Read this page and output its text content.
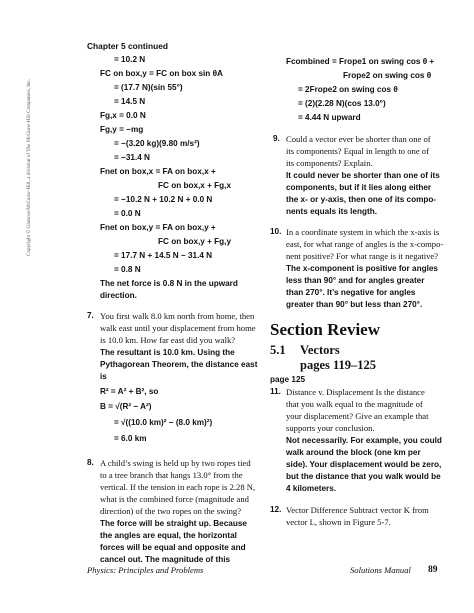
Copyright © Glencoe/McGraw-Hill, a division of The McGraw-Hill Companies, Inc.
Chapter 5 continued
= 10.2 N
FC on box,y = FC on box sin θA
= (17.7 N)(sin 55°)
= 14.5 N
Fg,x = 0.0 N
Fg,y = −mg
= −(3.20 kg)(9.80 m/s²)
= −31.4 N
Fnet on box,x = FA on box,x +
FC on box,x + Fg,x
= −10.2 N + 10.2 N + 0.0 N
= 0.0 N
Fnet on box,y = FA on box,y +
FC on box,y + Fg,y
= 17.7 N + 14.5 N − 31.4 N
= 0.8 N
The net force is 0.8 N in the upward
direction.
7. You first walk 8.0 km north from home, then
walk east until your displacement from home
is 10.0 km. How far east did you walk?
The resultant is 10.0 km. Using the
Pythagorean Theorem, the distance east
is
R² = A² + B², so
B = √(R² − A²)
= √((10.0 km)² − (8.0 km)²)
= 6.0 km
8. A child’s swing is held up by two ropes tied
to a tree branch that hangs 13.0° from the
vertical. If the tension in each rope is 2.28 N,
what is the combined force (magnitude and
direction) of the two ropes on the swing?
The force will be straight up. Because
the angles are equal, the horizontal
forces will be equal and opposite and
cancel out. The magnitude of this
Fcombined = Frope1 on swing cos θ +
Frope2 on swing cos θ
= 2Frope2 on swing cos θ
= (2)(2.28 N)(cos 13.0°)
= 4.44 N upward
9. Could a vector ever be shorter than one of
its components? Equal in length to one of
its components? Explain.
It could never be shorter than one of its
components, but if it lies along either
the x- or y-axis, then one of its compo-
nents equals its length.
10. In a coordinate system in which the x-axis is
east, for what range of angles is the x-compo-
nent positive? For what range is it negative?
The x-component is positive for angles
less than 90° and for angles greater
than 270°. It’s negative for angles
greater than 90° but less than 270°.
Section Review
5.1 Vectors
pages 119–125
page 125
11. Distance v. Displacement Is the distance
that you walk equal to the magnitude of
your displacement? Give an example that
supports your conclusion.
Not necessarily. For example, you could
walk around the block (one km per
side). Your displacement would be zero,
but the distance that you walk would be
4 kilometers.
12. Vector Difference Subtract vector K from
vector L, shown in Figure 5-7.
Physics: Principles and Problems	Solutions Manual 89
